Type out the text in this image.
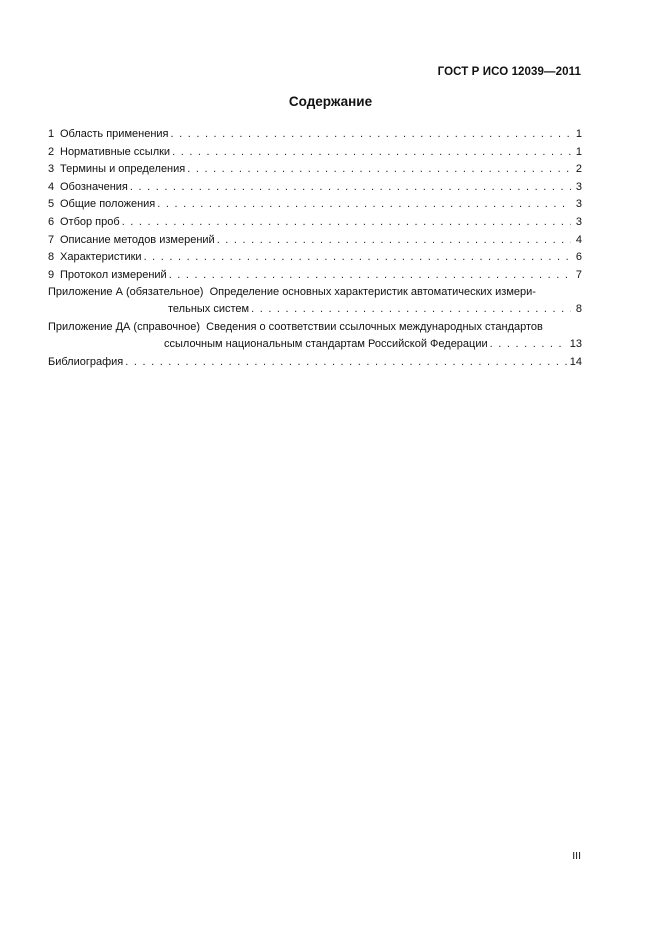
ГОСТ Р ИСО 12039—2011
Содержание
1 Область применения . . .	1
2 Нормативные ссылки . . .	1
3 Термины и определения . . .	2
4 Обозначения . . .	3
5 Общие положения . . .	3
6 Отбор проб . . .	3
7 Описание методов измерений . . .	4
8 Характеристики . . .	6
9 Протокол измерений . . .	7
Приложение А (обязательное)  Определение основных характеристик автоматических измери-
тельных систем . . .	8
Приложение ДА (справочное)  Сведения о соответствии ссылочных международных стандартов
ссылочным национальным стандартам Российской Федерации . . .	13
Библиография . . .	14
III
